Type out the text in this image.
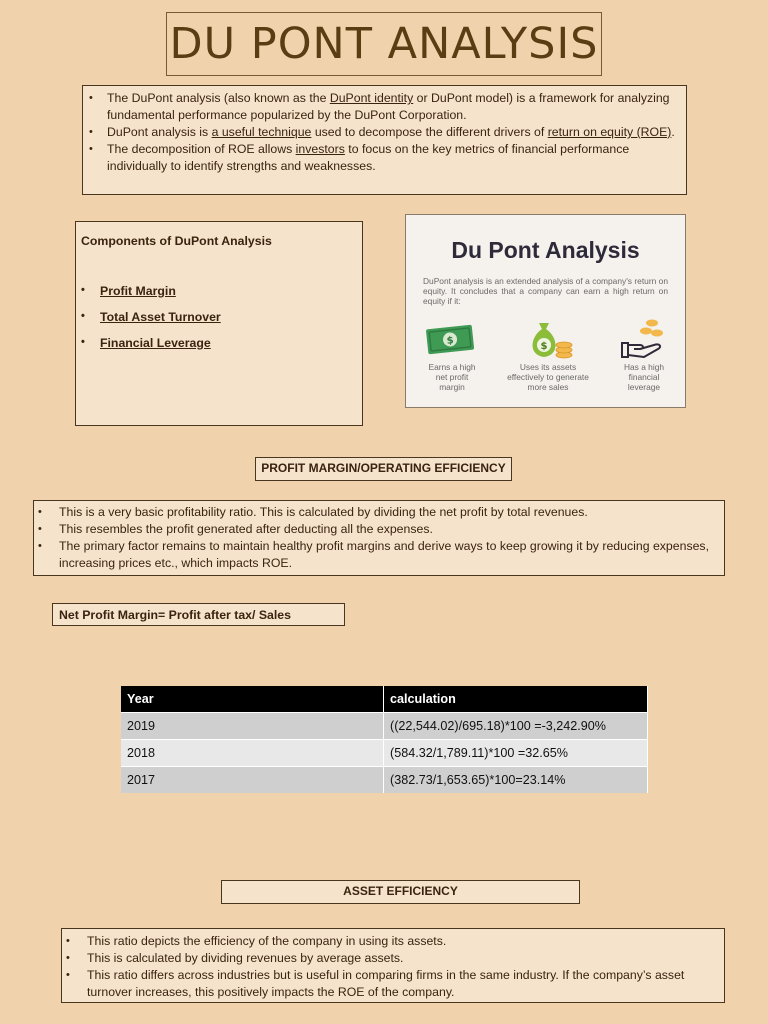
DU PONT ANALYSIS
• The DuPont analysis (also known as the DuPont identity or DuPont model) is a framework for analyzing fundamental performance popularized by the DuPont Corporation.
• DuPont analysis is a useful technique used to decompose the different drivers of return on equity (ROE).
• The decomposition of ROE allows investors to focus on the key metrics of financial performance individually to identify strengths and weaknesses.
Components of DuPont Analysis
• Profit Margin
• Total Asset Turnover
• Financial Leverage
Du Pont Analysis
DuPont analysis is an extended analysis of a company's return on equity. It concludes that a company can earn a high return on equity if it:
$	$
Earns a high
net profit
margin
Uses its assets
effectively to generate
more sales
Has a high
financial
leverage
PROFIT MARGIN/OPERATING EFFICIENCY
• This is a very basic profitability ratio. This is calculated by dividing the net profit by total revenues.
• This resembles the profit generated after deducting all the expenses.
• The primary factor remains to maintain healthy profit margins and derive ways to keep growing it by reducing expenses, increasing prices etc., which impacts ROE.
Net Profit Margin= Profit after tax/ Sales
Year	calculation
2019	((22,544.02)/695.18)*100 =-3,242.90%
2018	(584.32/1,789.11)*100 =32.65%
2017	(382.73/1,653.65)*100=23.14%
ASSET EFFICIENCY
• This ratio depicts the efficiency of the company in using its assets.
• This is calculated by dividing revenues by average assets.
• This ratio differs across industries but is useful in comparing firms in the same industry. If the company’s asset turnover increases, this positively impacts the ROE of the company.
